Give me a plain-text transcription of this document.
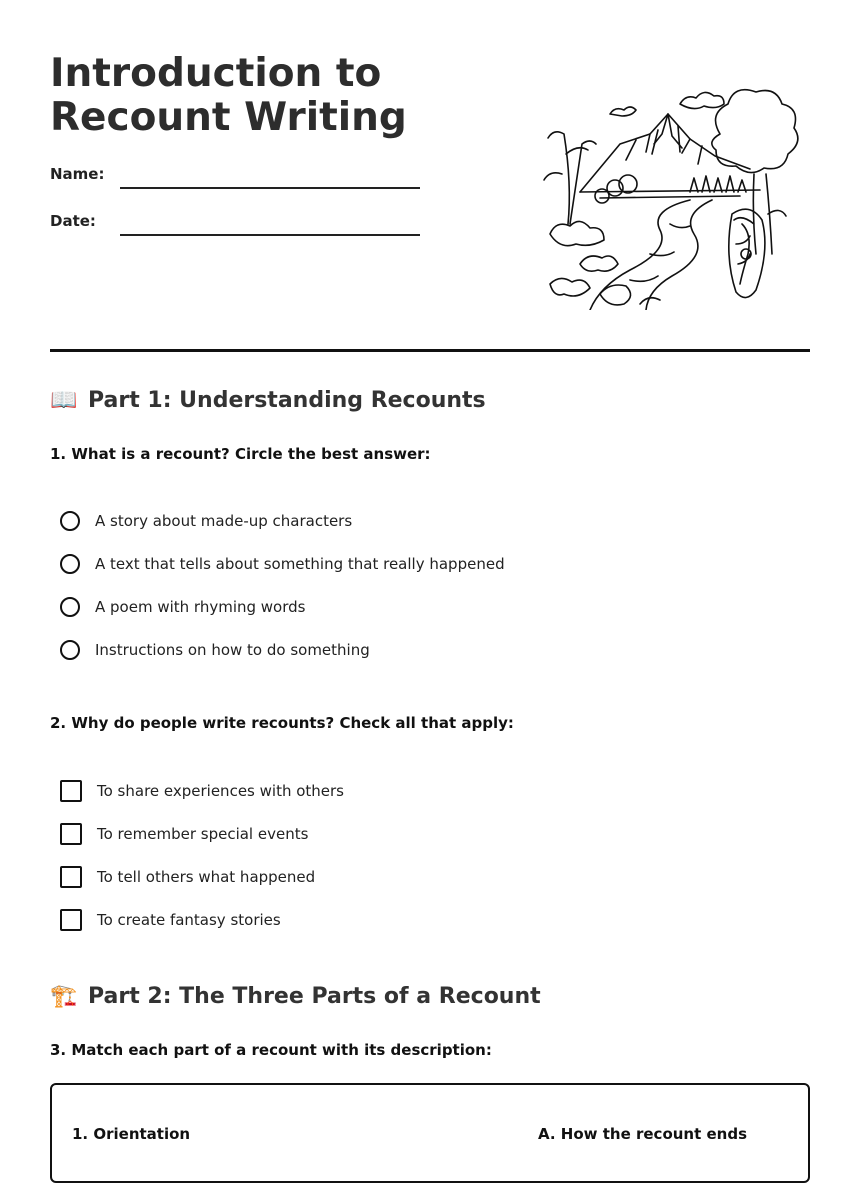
Introduction to Recount Writing
Name:
Date:
📖 Part 1: Understanding Recounts
1. What is a recount? Circle the best answer:
A story about made-up characters
A text that tells about something that really happened
A poem with rhyming words
Instructions on how to do something
2. Why do people write recounts? Check all that apply:
To share experiences with others
To remember special events
To tell others what happened
To create fantasy stories
🏗️ Part 2: The Three Parts of a Recount
3. Match each part of a recount with its description:
1. Orientation	A. How the recount ends
